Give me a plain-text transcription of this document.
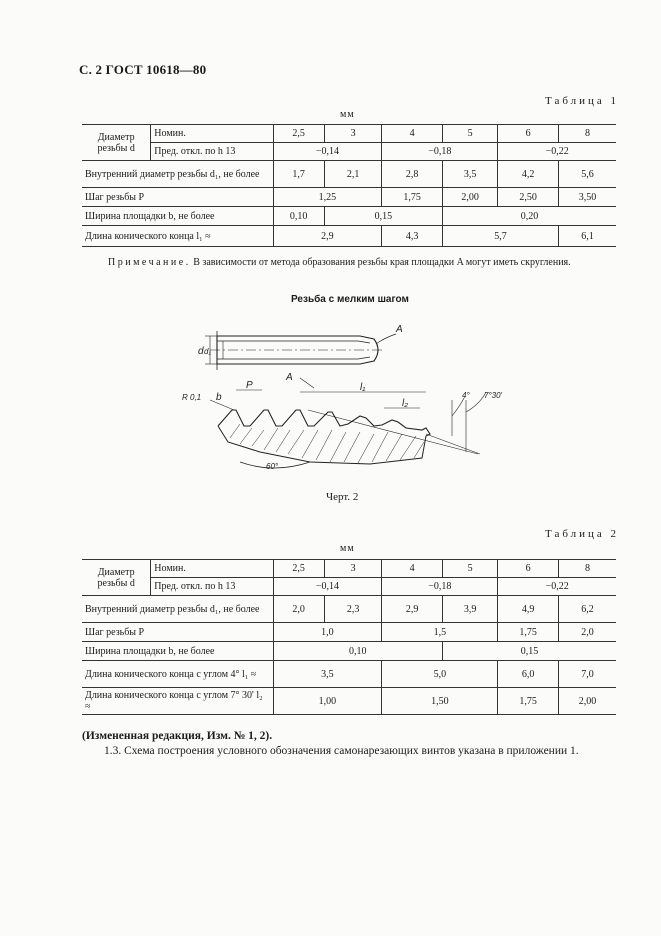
С. 2 ГОСТ 10618—80
Таблица 1
мм
Диаметр резьбы d	Номин.	2,5	3	4	5	6	8
	Пред. откл. по h 13	−0,14		−0,18		−0,22	
Внутренний диаметр резьбы d₁, не более		1,7	2,1	2,8	3,5	4,2	5,6
Шаг резьбы P		1,25		1,75	2,00	2,50	3,50
Ширина площадки b, не более		0,10	0,15		0,20		
Длина конического конца l₁ ≈		2,9		4,3	5,7		6,1
Примечание. В зависимости от метода образования резьбы края площадки A могут иметь скругления.
Резьба с мелким шагом
A
d d₁
A
R 0,1 b
P	l₁
l₂
4° 7°30'
60°
Черт. 2
Таблица 2
мм
Диаметр резьбы d	Номин.	2,5	3	4	5	6	8
	Пред. откл. по h 13	−0,14		−0,18		−0,22	
Внутренний диаметр резьбы d₁, не более		2,0	2,3	2,9	3,9	4,9	6,2
Шаг резьбы P		1,0		1,5		1,75	2,0
Ширина площадки b, не более		0,10			0,15		
Длина конического конца с углом 4° l₁ ≈		3,5		5,0		6,0	7,0
Длина конического конца с углом 7° 30' l₂ ≈		1,00		1,50		1,75	2,00
(Измененная редакция, Изм. № 1, 2).
1.3. Схема построения условного обозначения самонарезающих винтов указана в приложении 1.
